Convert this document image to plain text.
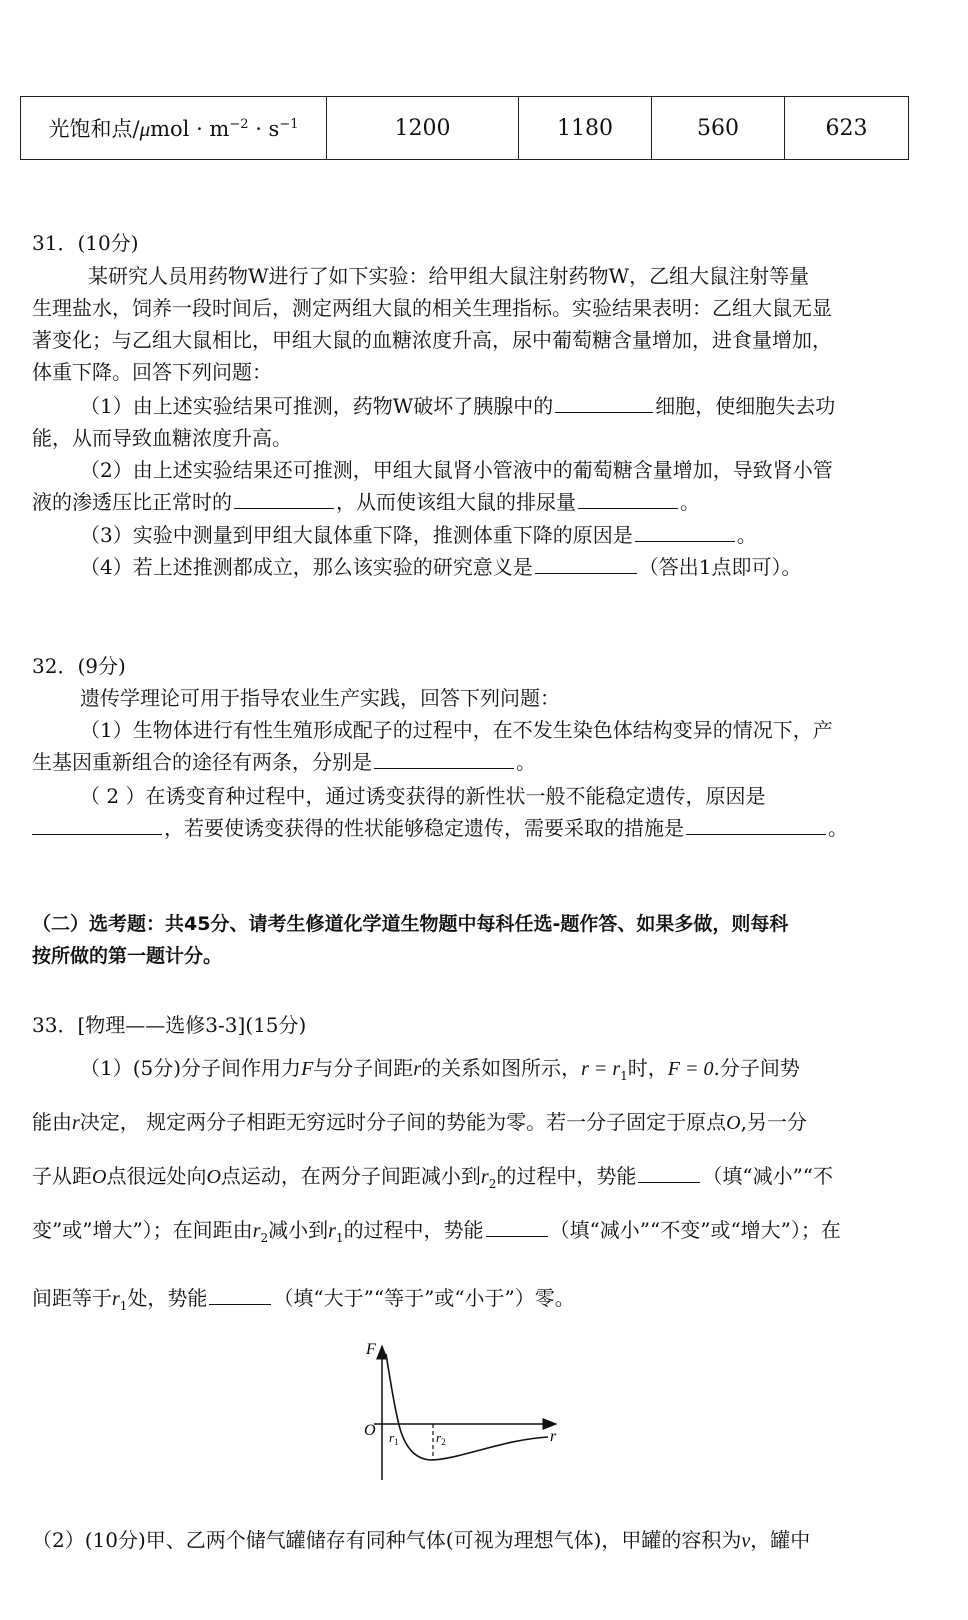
光饱和点$/\mu mol \cdot m^{-2} \cdot s^{-1}$	1200	1180	560	623
31．(10分)
某研究人员用药物W进行了如下实验：给甲组大鼠注射药物W，乙组大鼠注射等量
生理盐水，饲养一段时间后，测定两组大鼠的相关生理指标。实验结果表明：乙组大鼠无显
著变化；与乙组大鼠相比，甲组大鼠的血糖浓度升高，尿中葡萄糖含量增加，进食量增加，
体重下降。回答下列问题：
（1）由上述实验结果可推测，药物W破坏了胰腺中的	细胞，使细胞失去功
能，从而导致血糖浓度升高。
（2）由上述实验结果还可推测，甲组大鼠肾小管液中的葡萄糖含量增加，导致肾小管
液的渗透压比正常时的	，从而使该组大鼠的排尿量	。
（3）实验中测量到甲组大鼠体重下降，推测体重下降的原因是	。
（4）若上述推测都成立，那么该实验的研究意义是	（答出1点即可）。
32．(9分)
遗传学理论可用于指导农业生产实践，回答下列问题：
（1）生物体进行有性生殖形成配子的过程中，在不发生染色体结构变异的情况下，产
生基因重新组合的途径有两条，分别是	。
（ 2 ）在诱变育种过程中，通过诱变获得的新性状一般不能稳定遗传，原因是
，若要使诱变获得的性状能够稳定遗传，需要采取的措施是	。
（二）选考题：共45分、请考生修道化学道生物题中每科任选-题作答、如果多做，则每科
按所做的第一题计分。
33．[物理——选修3-3](15分)
（1）(5分)分子间作用力F与分子间距r的关系如图所示，$r = r_1$时，F = 0.分子间势
能由r决定， 规定两分子相距无穷远时分子间的势能为零。若一分子固定于原点O,另一分
子从距O点很远处向O点运动，在两分子间距减小到$r_2$的过程中，势能	（填“减小”“不
变”或”增大”）；在间距由$r_2$减小到$r_1$的过程中，势能	（填“减小”“不变”或“增大”）；在
间距等于$r_1$处，势能	（填“大于”“等于”或“小于”）零。
F
O	r
$r_1$	$r_2$
（2）(10分)甲、乙两个储气罐储存有同种气体(可视为理想气体)，甲罐的容积为v，罐中
